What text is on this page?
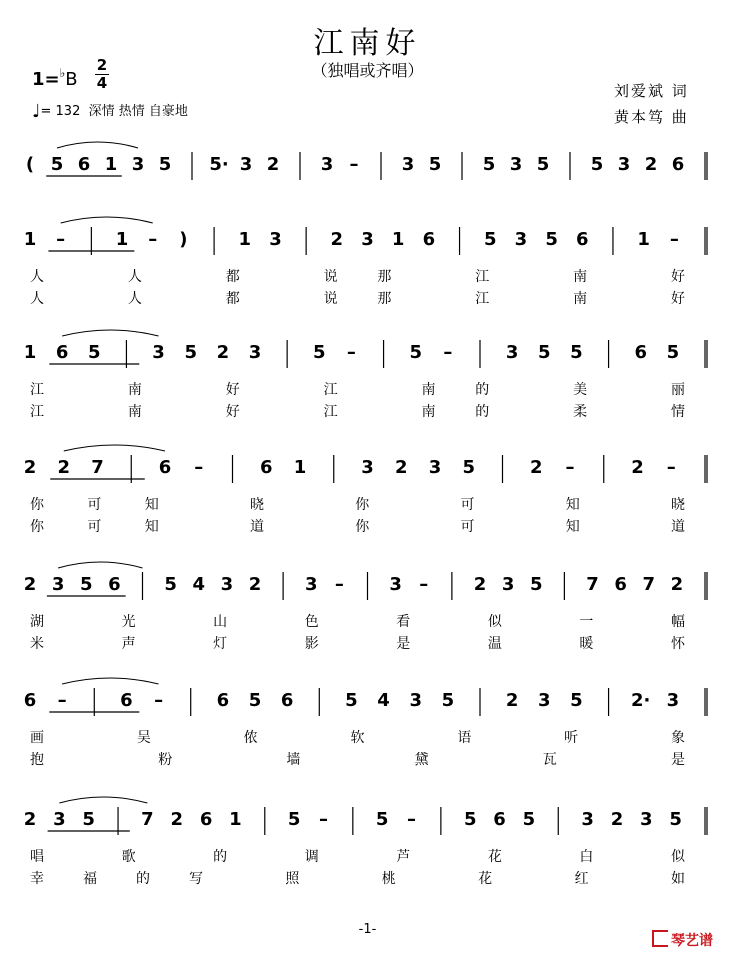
江南好
（独唱或齐唱）
1=♭B
2
4
♩= 132 深情 热情 自豪地
刘爱斌 词
黄本笃 曲
( 5 6 1 3 5 5· 3 2 3 – 3 5 5 3 5 5 3 2 6
1 –	1 – )	1 3	2 3 1 6	5 3 5 6	1 –
人 人 都 说那 江 南 好
人 人 都 说那 江 南 好
1 6 5	3 5 2 3	5 –	5 –	3 5 5	6 5
江 南 好 江 南的 美 丽
江 南 好 江 南的 柔 情
2 2 7	6 –	6 1	3 2 3 5	2 –	2 –
你可知 晓 你 可 知 晓
你可知 道 你 可 知 道
2 3 5 6 5 4 3 2 3 –	3 –	2 3 5 7 6 7 2
湖 光 山 色 看 似 一 幅
米 声 灯 影 是 温 暖 怀
6 –	6 –	6 5 6	5 4 3 5	2 3 5	2· 3
画 吴 侬 软 语 听 象
抱 粉 墙 黛 瓦 是
2 3 5	7 2 6 1	5 –	5 –	5 6 5	3 2 3 5
唱 歌 的 调 芦 花 白 似
幸福的写 照 桃 花 红 如
-1-
琴艺谱
